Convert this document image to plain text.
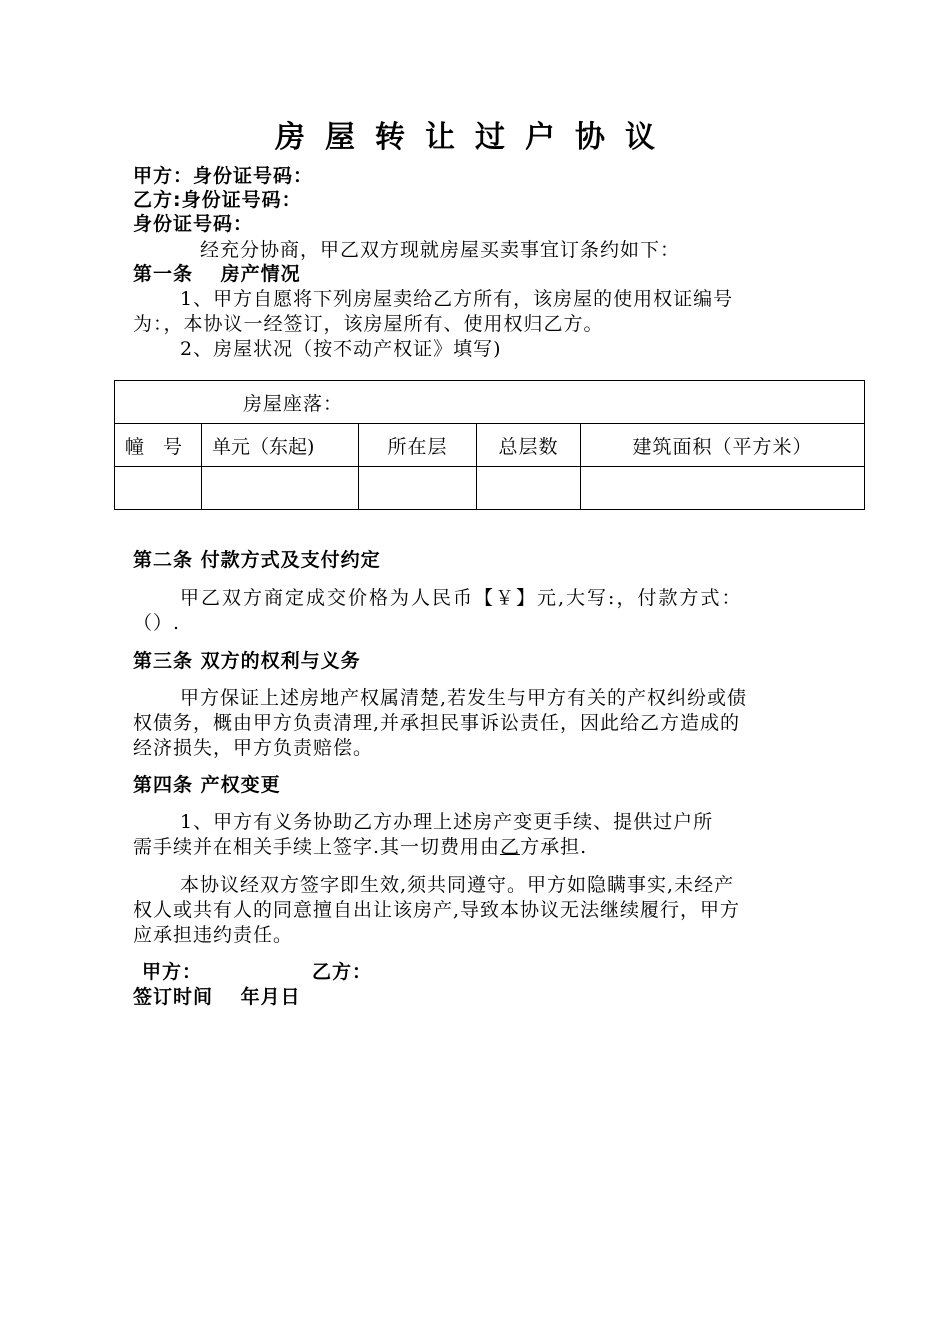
房屋转让过户协议
甲方：身份证号码：
乙方:身份证号码：
身份证号码：
经充分协商，甲乙双方现就房屋买卖事宜订条约如下：
第一条　 房产情况
1、甲方自愿将下列房屋卖给乙方所有，该房屋的使用权证编号
为：，本协议一经签订，该房屋所有、使用权归乙方。
2、房屋状况（按不动产权证》填写)
房屋座落：				
幢　号	单元（东起)	所在层	总层数	建筑面积（平方米）

第二条 付款方式及支付约定
甲乙双方商定成交价格为人民币【￥】元,大写:，付款方式：
（）.
第三条 双方的权利与义务
甲方保证上述房地产权属清楚,若发生与甲方有关的产权纠纷或债
权债务，概由甲方负责清理,并承担民事诉讼责任，因此给乙方造成的
经济损失，甲方负责赔偿。
第四条 产权变更
1、甲方有义务协助乙方办理上述房产变更手续、提供过户所
需手续并在相关手续上签字.其一切费用由乙方承担.
本协议经双方签字即生效,须共同遵守。甲方如隐瞒事实,未经产
权人或共有人的同意擅自出让该房产,导致本协议无法继续履行，甲方
应承担违约责任。
甲方：	乙方：
签订时间　 年月日
